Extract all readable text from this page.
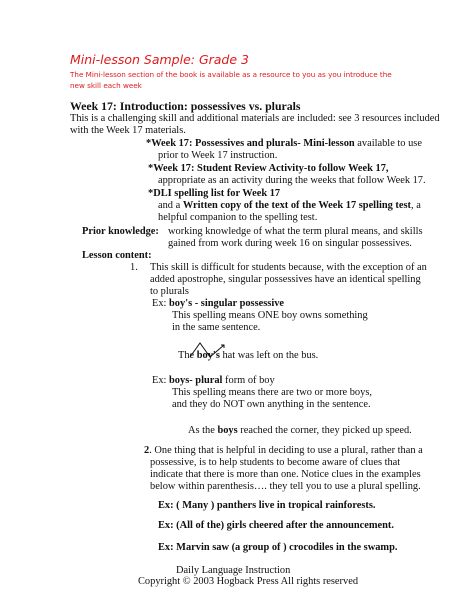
Mini-lesson Sample: Grade 3
The Mini-lesson section of the book is available as a resource to you as you introduce the
new skill each week
Week 17: Introduction: possessives vs. plurals
This is a challenging skill and additional materials are included: see 3 resources included
with the Week 17 materials.
*Week 17: Possessives and plurals- Mini-lesson available to use
prior to Week 17 instruction.
*Week 17: Student Review Activity-to follow Week 17,
appropriate as an activity during the weeks that follow Week 17.
*DLI spelling list for Week 17
and a Written copy of the text of the Week 17 spelling test, a
helpful companion to the spelling test.
Prior knowledge: working knowledge of what the term plural means, and skills
gained from work during week 16 on singular possessives.
Lesson content:
1. This skill is difficult for students because, with the exception of an
added apostrophe, singular possessives have an identical spelling
to plurals
Ex: boy's - singular possessive
This spelling means ONE boy owns something
in the same sentence.
The boy's hat was left on the bus.
Ex: boys- plural form of boy
This spelling means there are two or more boys,
and they do NOT own anything in the sentence.
As the boys reached the corner, they picked up speed.
2. One thing that is helpful in deciding to use a plural, rather than a
possessive, is to help students to become aware of clues that
indicate that there is more than one. Notice clues in the examples
below within parenthesis…. they tell you to use a plural spelling.
Ex: ( Many ) panthers live in tropical rainforests.
Ex: (All of the) girls cheered after the announcement.
Ex: Marvin saw (a group of ) crocodiles in the swamp.
Daily Language Instruction
Copyright © 2003 Hogback Press All rights reserved
